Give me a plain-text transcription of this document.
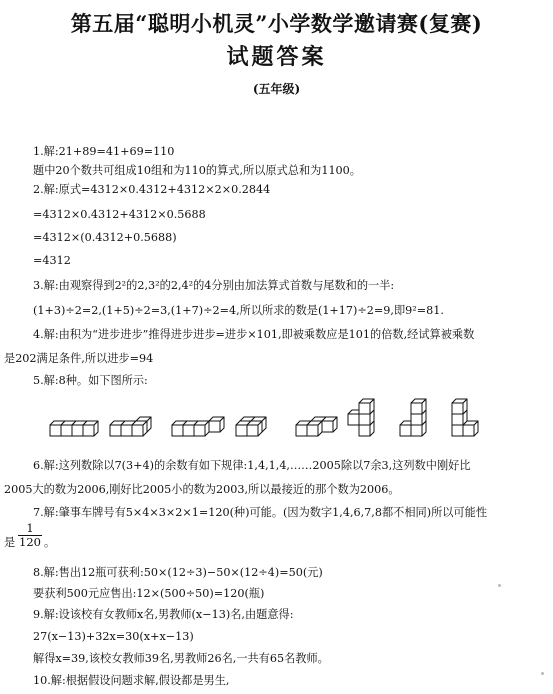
第五届“聪明小机灵”小学数学邀请赛(复赛)
试题答案
(五年级)
1.解:21+89=41+69=110
题中20个数共可组成10组和为110的算式,所以原式总和为1100。
2.解:原式=4312×0.4312+4312×2×0.2844
=4312×0.4312+4312×0.5688
=4312×(0.4312+0.5688)
=4312
3.解:由观察得到2²的2,3²的2,4²的4分别由加法算式首数与尾数和的一半:
(1+3)÷2=2,(1+5)÷2=3,(1+7)÷2=4,所以所求的数是(1+17)÷2=9,即9²=81.
4.解:由积为“进步进步”推得进步进步=进步×101,即被乘数应是101的倍数,经试算被乘数
是202满足条件,所以进步=94
5.解:8种。如下图所示:
6.解:这列数除以7(3+4)的余数有如下规律:1,4,1,4,……2005除以7余3,这列数中刚好比
2005大的数为2006,刚好比2005小的数为2003,所以最接近的那个数为2006。
7.解:肇事车牌号有5×4×3×2×1=120(种)可能。(因为数字1,4,6,7,8都不相同)所以可能性
是
1
120 。
8.解:售出12瓶可获利:50×(12÷3)−50×(12÷4)=50(元)
要获利500元应售出:12×(500÷50)=120(瓶)
9.解:设该校有女教师x名,男教师(x−13)名,由题意得:
27(x−13)+32x=30(x+x−13)
解得x=39,该校女教师39名,男教师26名,一共有65名教师。
10.解:根据假设问题求解,假设都是男生,
